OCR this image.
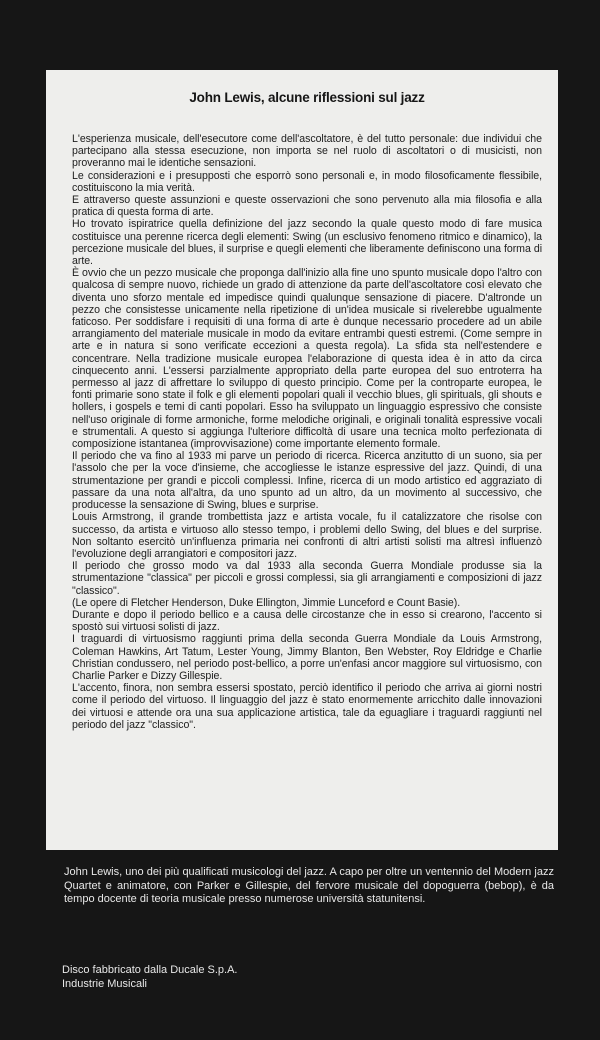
John Lewis, alcune riflessioni sul jazz

L'esperienza musicale, dell'esecutore come dell'ascoltatore, è del tutto personale: due individui che partecipano alla stessa esecuzione, non importa se nel ruolo di ascoltatori o di musicisti, non proveranno mai le identiche sensazioni.

Le considerazioni e i presupposti che esporrò sono personali e, in modo filosoficamente flessibile, costituiscono la mia verità.

E attraverso queste assunzioni e queste osservazioni che sono pervenuto alla mia filosofia e alla pratica di questa forma di arte.

Ho trovato ispiratrice quella definizione del jazz secondo la quale questo modo di fare musica costituisce una perenne ricerca degli elementi: Swing (un esclusivo fenomeno ritmico e dinamico), la percezione musicale del blues, il surprise e quegli elementi che liberamente definiscono una forma di arte.

È ovvio che un pezzo musicale che proponga dall'inizio alla fine uno spunto musicale dopo l'altro con qualcosa di sempre nuovo, richiede un grado di attenzione da parte dell'ascoltatore così elevato che diventa uno sforzo mentale ed impedisce quindi qualunque sensazione di piacere. D'altronde un pezzo che consistesse unicamente nella ripetizione di un'idea musicale si rivelerebbe ugualmente faticoso. Per soddisfare i requisiti di una forma di arte è dunque necessario procedere ad un abile arrangiamento del materiale musicale in modo da evitare entrambi questi estremi. (Come sempre in arte e in natura si sono verificate eccezioni a questa regola). La sfida sta nell'estendere e concentrare. Nella tradizione musicale europea l'elaborazione di questa idea è in atto da circa cinquecento anni. L'essersi parzialmente appropriato della parte europea del suo entroterra ha permesso al jazz di affrettare lo sviluppo di questo principio. Come per la controparte europea, le fonti primarie sono state il folk e gli elementi popolari quali il vecchio blues, gli spirituals, gli shouts e hollers, i gospels e temi di canti popolari. Esso ha sviluppato un linguaggio espressivo che consiste nell'uso originale di forme armoniche, forme melodiche originali, e originali tonalità espressive vocali e strumentali. A questo si aggiunga l'ulteriore difficoltà di usare una tecnica molto perfezionata di composizione istantanea (improvvisazione) come importante elemento formale.

Il periodo che va fino al 1933 mi parve un periodo di ricerca. Ricerca anzitutto di un suono, sia per l'assolo che per la voce d'insieme, che accogliesse le istanze espressive del jazz. Quindi, di una strumentazione per grandi e piccoli complessi. Infine, ricerca di un modo artistico ed aggraziato di passare da una nota all'altra, da uno spunto ad un altro, da un movimento al successivo, che producesse la sensazione di Swing, blues e surprise.

Louis Armstrong, il grande trombettista jazz e artista vocale, fu il catalizzatore che risolse con successo, da artista e virtuoso allo stesso tempo, i problemi dello Swing, del blues e del surprise. Non soltanto esercitò un'influenza primaria nei confronti di altri artisti solisti ma altresì influenzò l'evoluzione degli arrangiatori e compositori jazz.

Il periodo che grosso modo va dal 1933 alla seconda Guerra Mondiale produsse sia la strumentazione "classica" per piccoli e grossi complessi, sia gli arrangiamenti e composizioni di jazz "classico".

(Le opere di Fletcher Henderson, Duke Ellington, Jimmie Lunceford e Count Basie).

Durante e dopo il periodo bellico e a causa delle circostanze che in esso si crearono, l'accento si spostò sui virtuosi solisti di jazz.

I traguardi di virtuosismo raggiunti prima della seconda Guerra Mondiale da Louis Armstrong, Coleman Hawkins, Art Tatum, Lester Young, Jimmy Blanton, Ben Webster, Roy Eldridge e Charlie Christian condussero, nel periodo post-bellico, a porre un'enfasi ancor maggiore sul virtuosismo, con Charlie Parker e Dizzy Gillespie.

L'accento, finora, non sembra essersi spostato, perciò identifico il periodo che arriva ai giorni nostri come il periodo del virtuoso. Il linguaggio del jazz è stato enormemente arricchito dalle innovazioni dei virtuosi e attende ora una sua applicazione artistica, tale da eguagliare i traguardi raggiunti nel periodo del jazz "classico".

John Lewis, uno dei più qualificati musicologi del jazz. A capo per oltre un ventennio del Modern jazz Quartet e animatore, con Parker e Gillespie, del fervore musicale del dopoguerra (bebop), è da tempo docente di teoria musicale presso numerose università statunitensi.

Disco fabbricato dalla Ducale S.p.A.
Industrie Musicali
